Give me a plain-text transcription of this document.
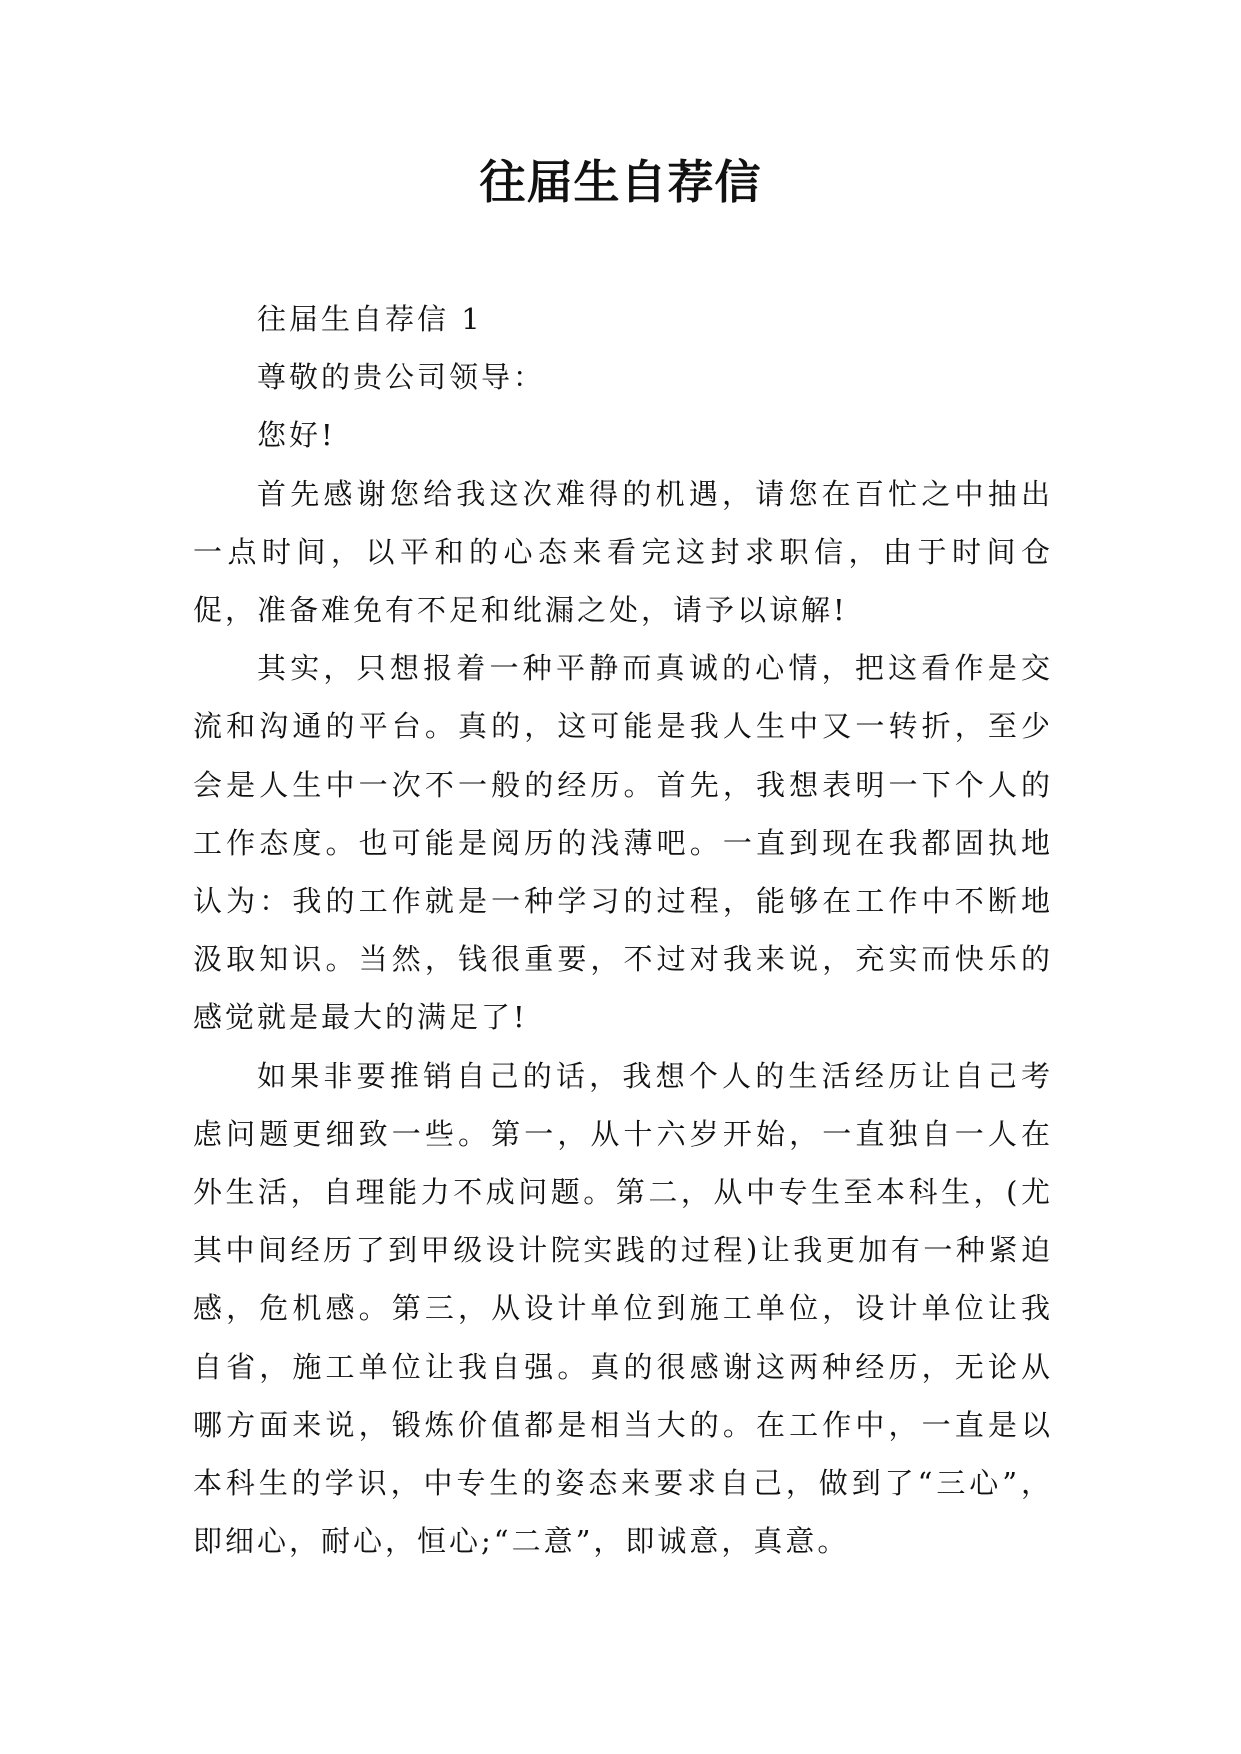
往届生自荐信

往届生自荐信 1

尊敬的贵公司领导：

您好!

首先感谢您给我这次难得的机遇，请您在百忙之中抽出一点时间，以平和的心态来看完这封求职信，由于时间仓促，准备难免有不足和纰漏之处，请予以谅解!

其实，只想报着一种平静而真诚的心情，把这看作是交流和沟通的平台。真的，这可能是我人生中又一转折，至少会是人生中一次不一般的经历。首先，我想表明一下个人的工作态度。也可能是阅历的浅薄吧。一直到现在我都固执地认为：我的工作就是一种学习的过程，能够在工作中不断地汲取知识。当然，钱很重要，不过对我来说，充实而快乐的感觉就是最大的满足了!

如果非要推销自己的话，我想个人的生活经历让自己考虑问题更细致一些。第一，从十六岁开始，一直独自一人在外生活，自理能力不成问题。第二，从中专生至本科生，(尤其中间经历了到甲级设计院实践的过程)让我更加有一种紧迫感，危机感。第三，从设计单位到施工单位，设计单位让我自省，施工单位让我自强。真的很感谢这两种经历，无论从哪方面来说，锻炼价值都是相当大的。在工作中，一直是以本科生的学识，中专生的姿态来要求自己，做到了“三心”，即细心，耐心，恒心;“二意”，即诚意，真意。
